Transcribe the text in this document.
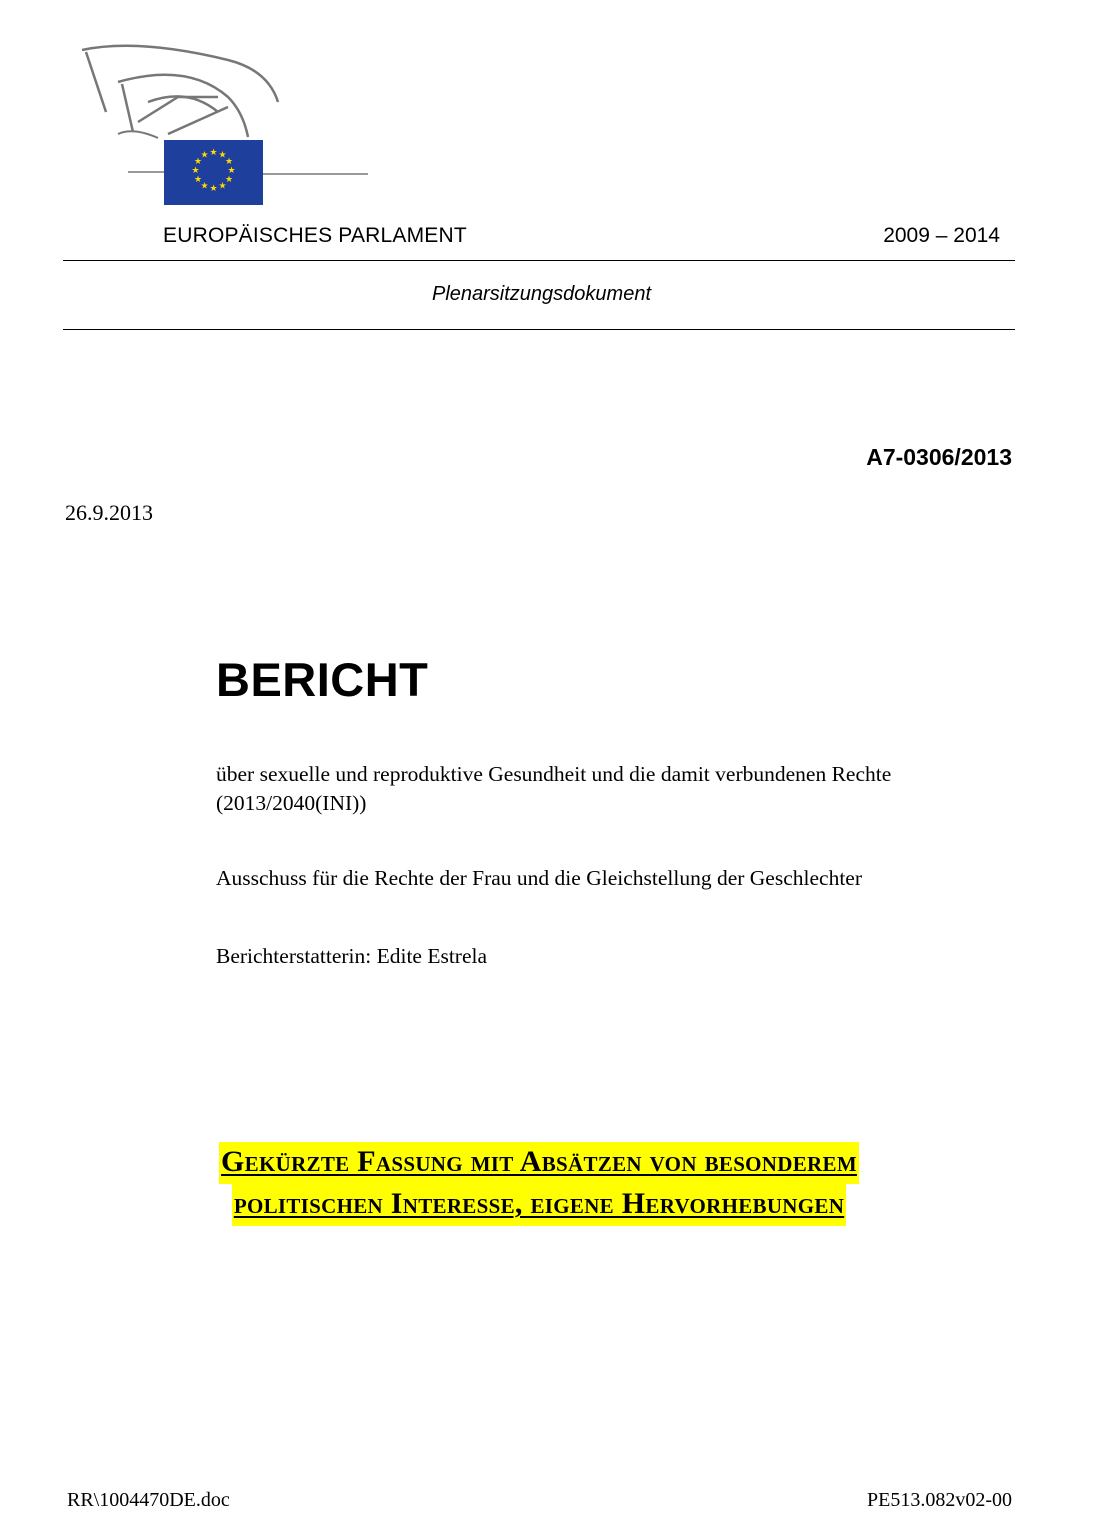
★ ★
★
★
★
★
★
★
★
★
★
★
EUROPÄISCHES PARLAMENT	2009 – 2014
Plenarsitzungsdokument
A7-0306/2013
26.9.2013
BERICHT
über sexuelle und reproduktive Gesundheit und die damit verbundenen Rechte
(2013/2040(INI))
Ausschuss für die Rechte der Frau und die Gleichstellung der Geschlechter
Berichterstatterin: Edite Estrela
Gekürzte Fassung mit Absätzen von besonderem
politischen Interesse, eigene Hervorhebungen
RR\1004470DE.doc	PE513.082v02-00
